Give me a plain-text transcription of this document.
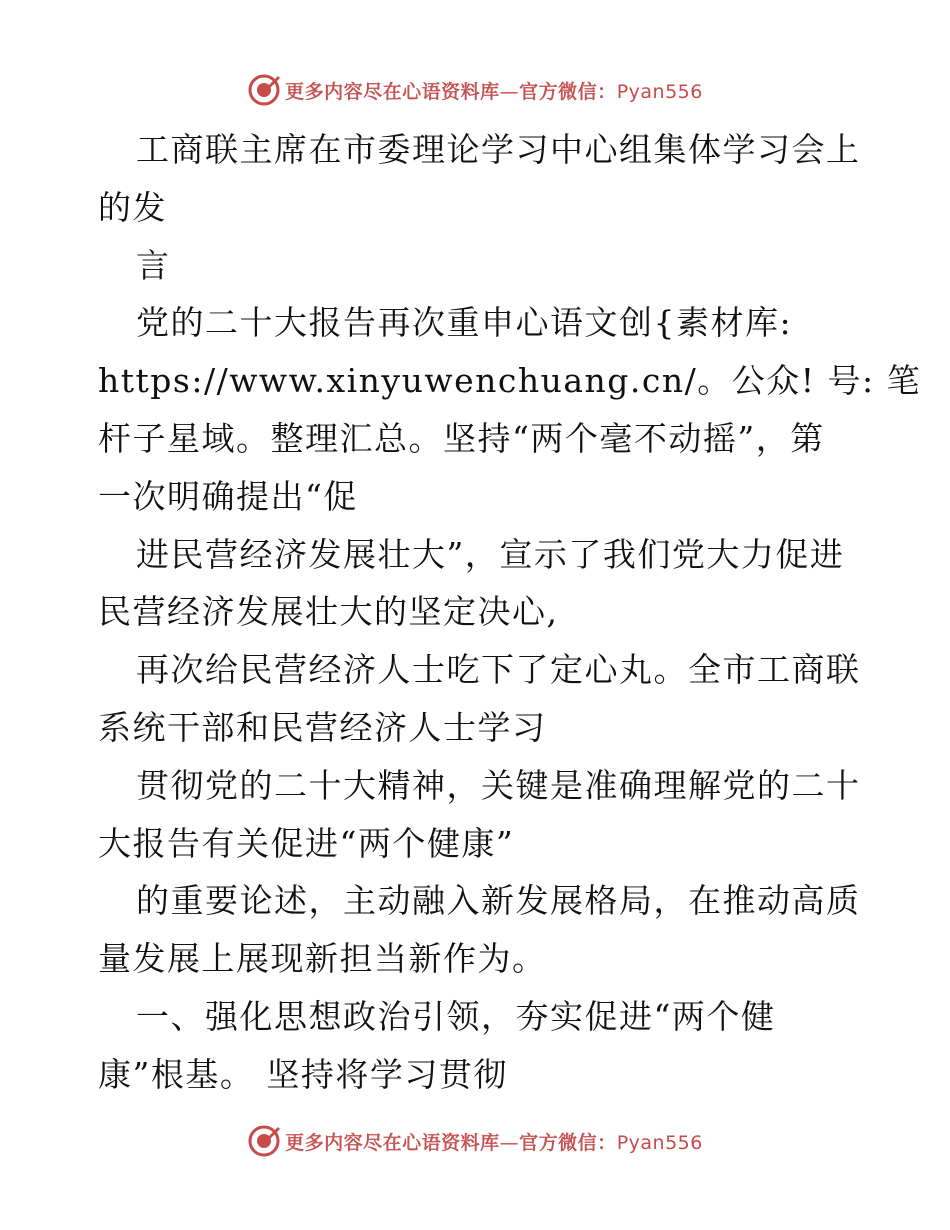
更多内容尽在心语资料库—官方微信：Pyan556
工商联主席在市委理论学习中心组集体学习会上
的发
言
党的二十大报告再次重申心语文创{素材库:
https://www.xinyuwenchuang.cn/。公众! 号: 笔
杆子星域。整理汇总。坚持“两个毫不动摇”，第
一次明确提出“促
进民营经济发展壮大”，宣示了我们党大力促进
民营经济发展壮大的坚定决心,
再次给民营经济人士吃下了定心丸。全市工商联
系统干部和民营经济人士学习
贯彻党的二十大精神，关键是准确理解党的二十
大报告有关促进“两个健康”
的重要论述，主动融入新发展格局，在推动高质
量发展上展现新担当新作为。
一、强化思想政治引领，夯实促进“两个健
康”根基。 坚持将学习贯彻
更多内容尽在心语资料库—官方微信：Pyan556
